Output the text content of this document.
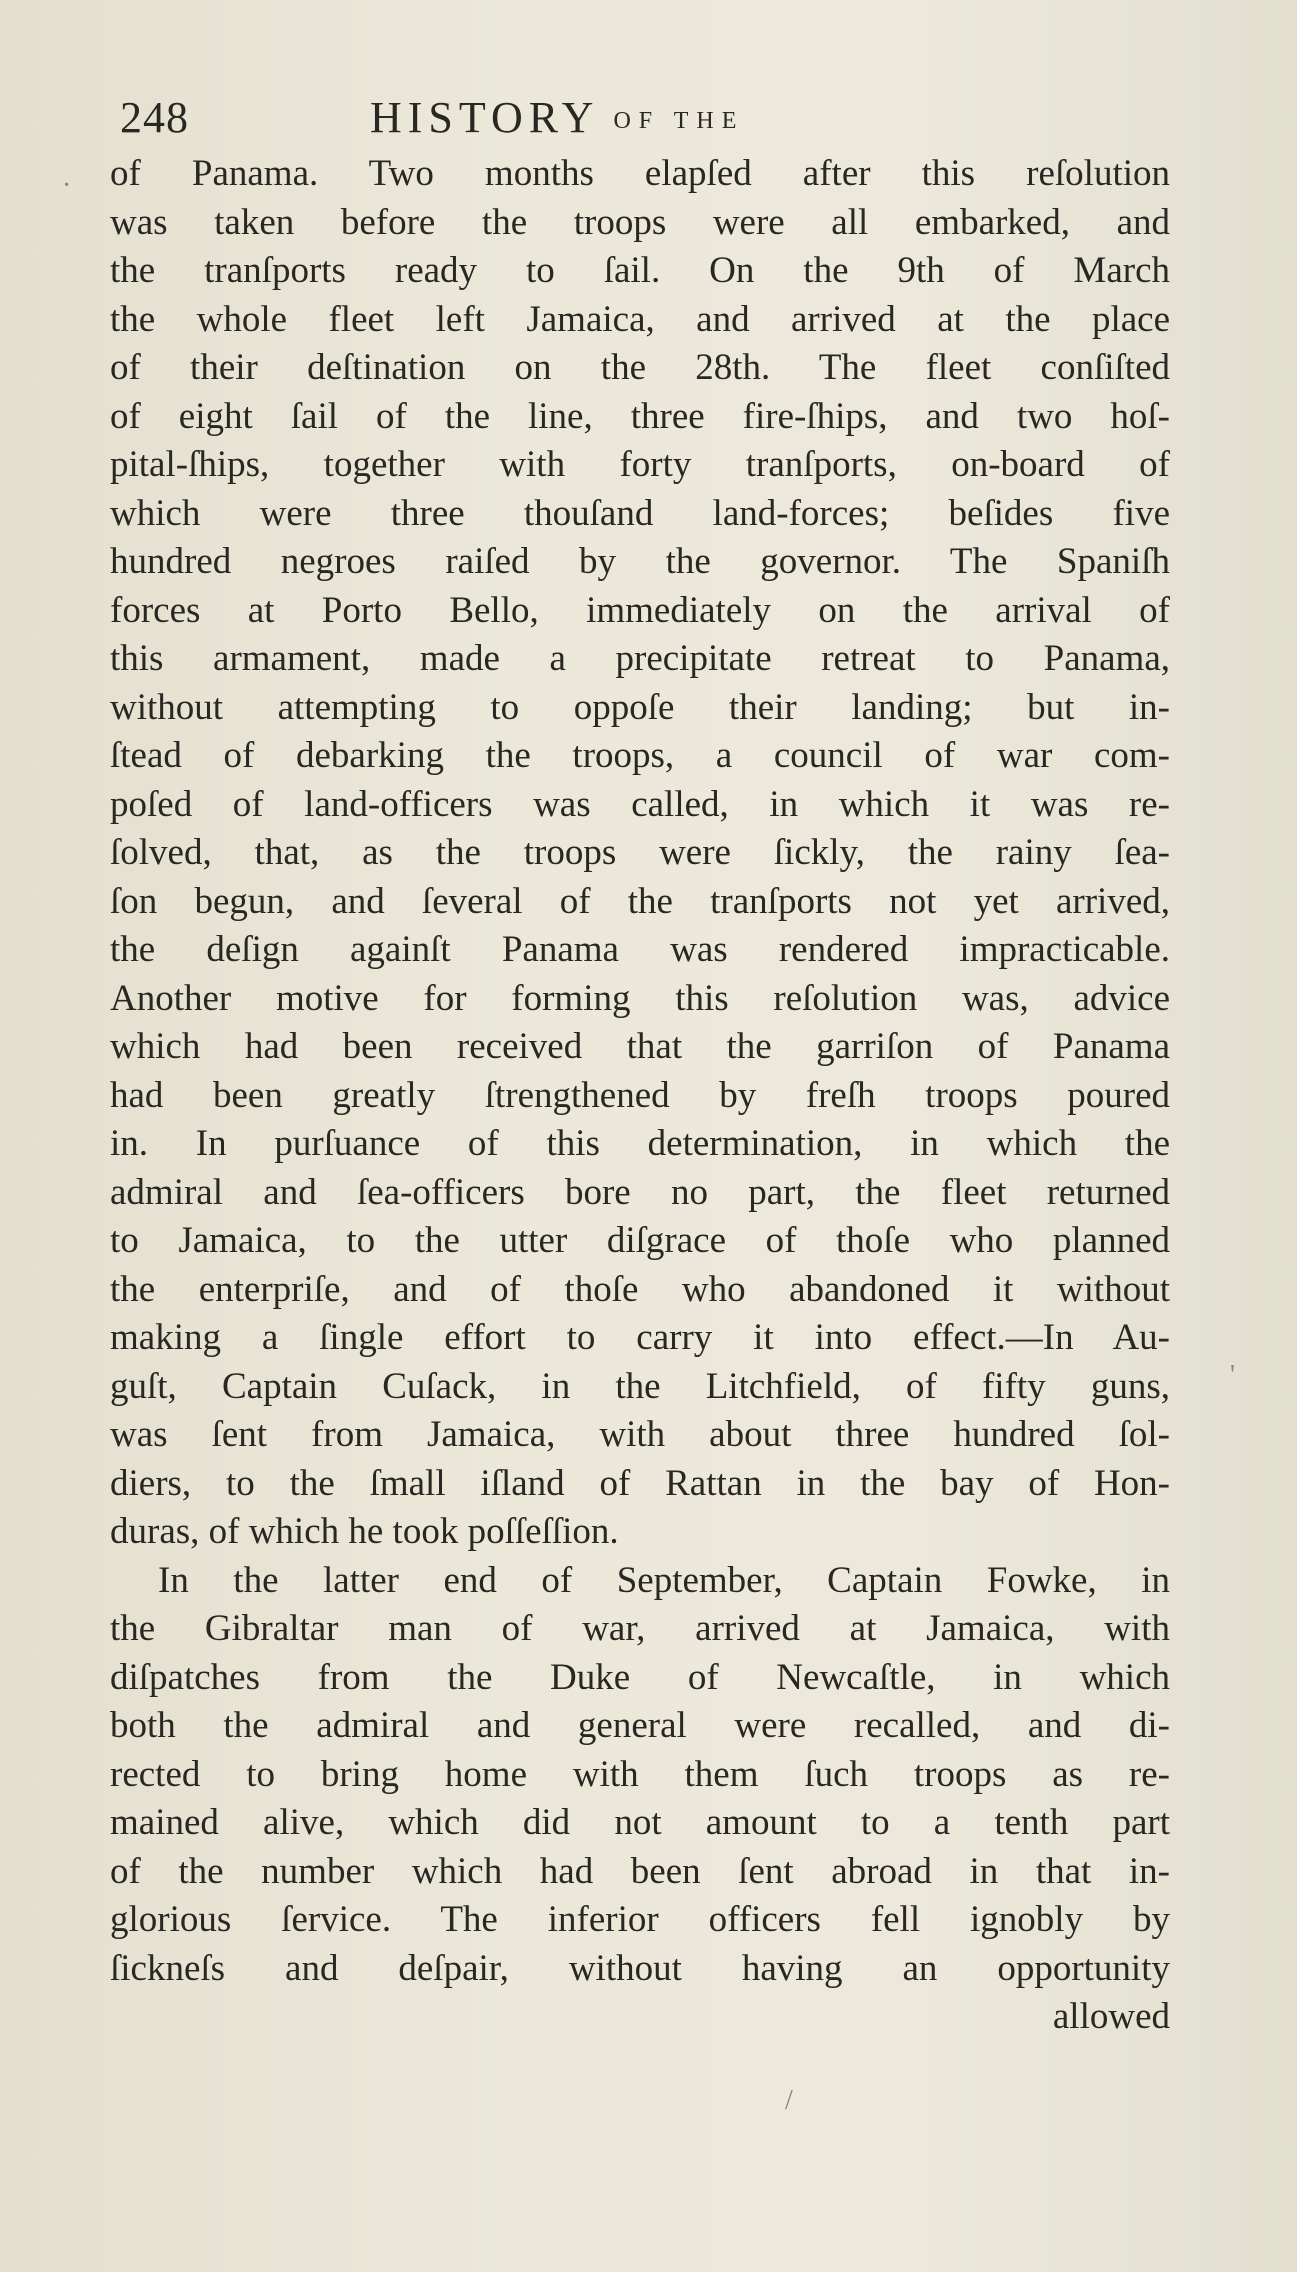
248	HISTORY OF THE
of Panama. Two months elapſed after this reſolution
was taken before the troops were all embarked, and
the tranſports ready to ſail. On the 9th of March
the whole fleet left Jamaica, and arrived at the place
of their deſtination on the 28th. The fleet conſiſted
of eight ſail of the line, three fire-ſhips, and two hoſ-
pital-ſhips, together with forty tranſports, on-board of
which were three thouſand land-forces; beſides five
hundred negroes raiſed by the governor. The Spaniſh
forces at Porto Bello, immediately on the arrival of
this armament, made a precipitate retreat to Panama,
without attempting to oppoſe their landing; but in-
ſtead of debarking the troops, a council of war com-
poſed of land-officers was called, in which it was re-
ſolved, that, as the troops were ſickly, the rainy ſea-
ſon begun, and ſeveral of the tranſports not yet arrived,
the deſign againſt Panama was rendered impracticable.
Another motive for forming this reſolution was, advice
which had been received that the garriſon of Panama
had been greatly ſtrengthened by freſh troops poured
in. In purſuance of this determination, in which the
admiral and ſea-officers bore no part, the fleet returned
to Jamaica, to the utter diſgrace of thoſe who planned
the enterpriſe, and of thoſe who abandoned it without
making a ſingle effort to carry it into effect.—In Au-
guſt, Captain Cuſack, in the Litchfield, of fifty guns,
was ſent from Jamaica, with about three hundred ſol-
diers, to the ſmall iſland of Rattan in the bay of Hon-
duras, of which he took poſſeſſion.
In the latter end of September, Captain Fowke, in
the Gibraltar man of war, arrived at Jamaica, with
diſpatches from the Duke of Newcaſtle, in which
both the admiral and general were recalled, and di-
rected to bring home with them ſuch troops as re-
mained alive, which did not amount to a tenth part
of the number which had been ſent abroad in that in-
glorious ſervice. The inferior officers fell ignobly by
ſickneſs and deſpair, without having an opportunity
allowed
·
'
/
